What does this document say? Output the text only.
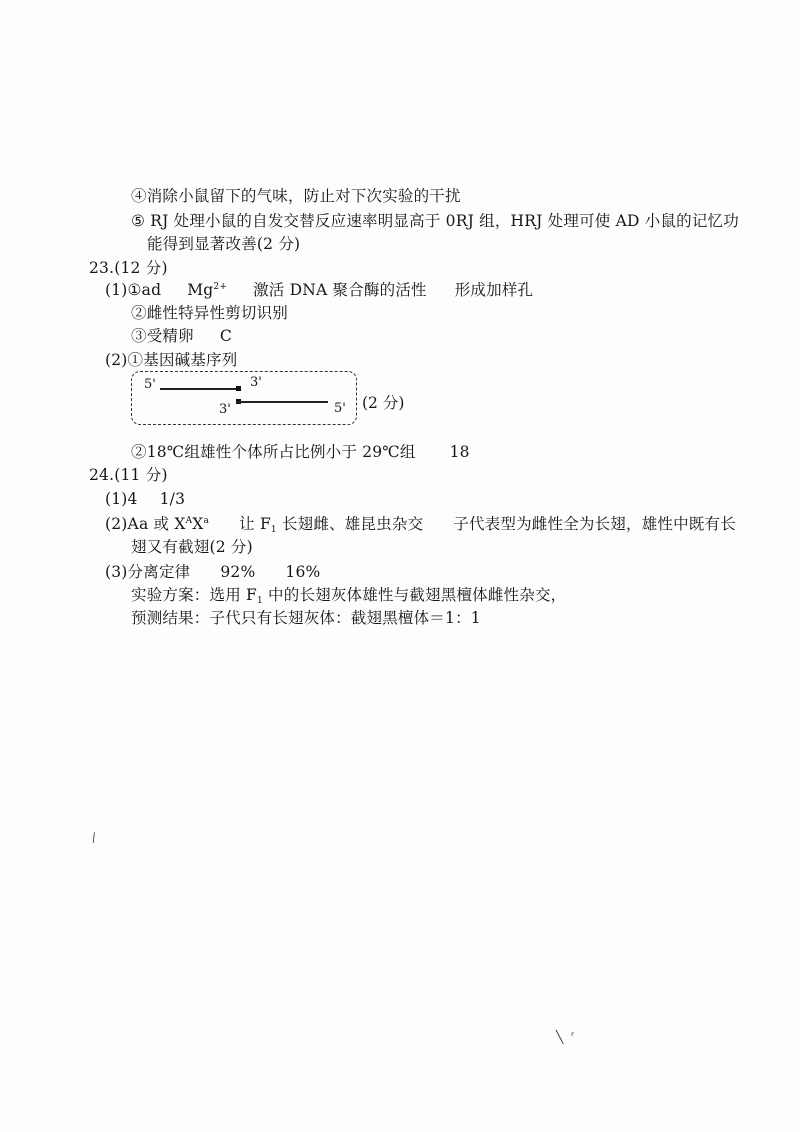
④消除小鼠留下的气味，防止对下次实验的干扰
⑤ RJ 处理小鼠的自发交替反应速率明显高于 0RJ 组，HRJ 处理可使 AD 小鼠的记忆功
能得到显著改善(2 分)
23.(12 分)
(1)①ad $Mg^{2+}$ 激活 DNA 聚合酶的活性 形成加样孔
②雌性特异性剪切识别
③受精卵 C
(2)①基因碱基序列
5'	3'
3'	5' (2 分)
②18℃组雄性个体所占比例小于 29℃组 18
24.(11 分)
(1)4 1/3
(2)Aa 或 $X^AX^a$ 让 $F_1$ 长翅雌、雄昆虫杂交 子代表型为雌性全为长翅，雄性中既有长
翅又有截翅(2 分)
(3)分离定律 92% 16%
实验方案：选用 $F_1$ 中的长翅灰体雄性与截翅黑檀体雌性杂交，
预测结果：子代只有长翅灰体：截翅黑檀体＝1：1
⁄
╲ ʳ
